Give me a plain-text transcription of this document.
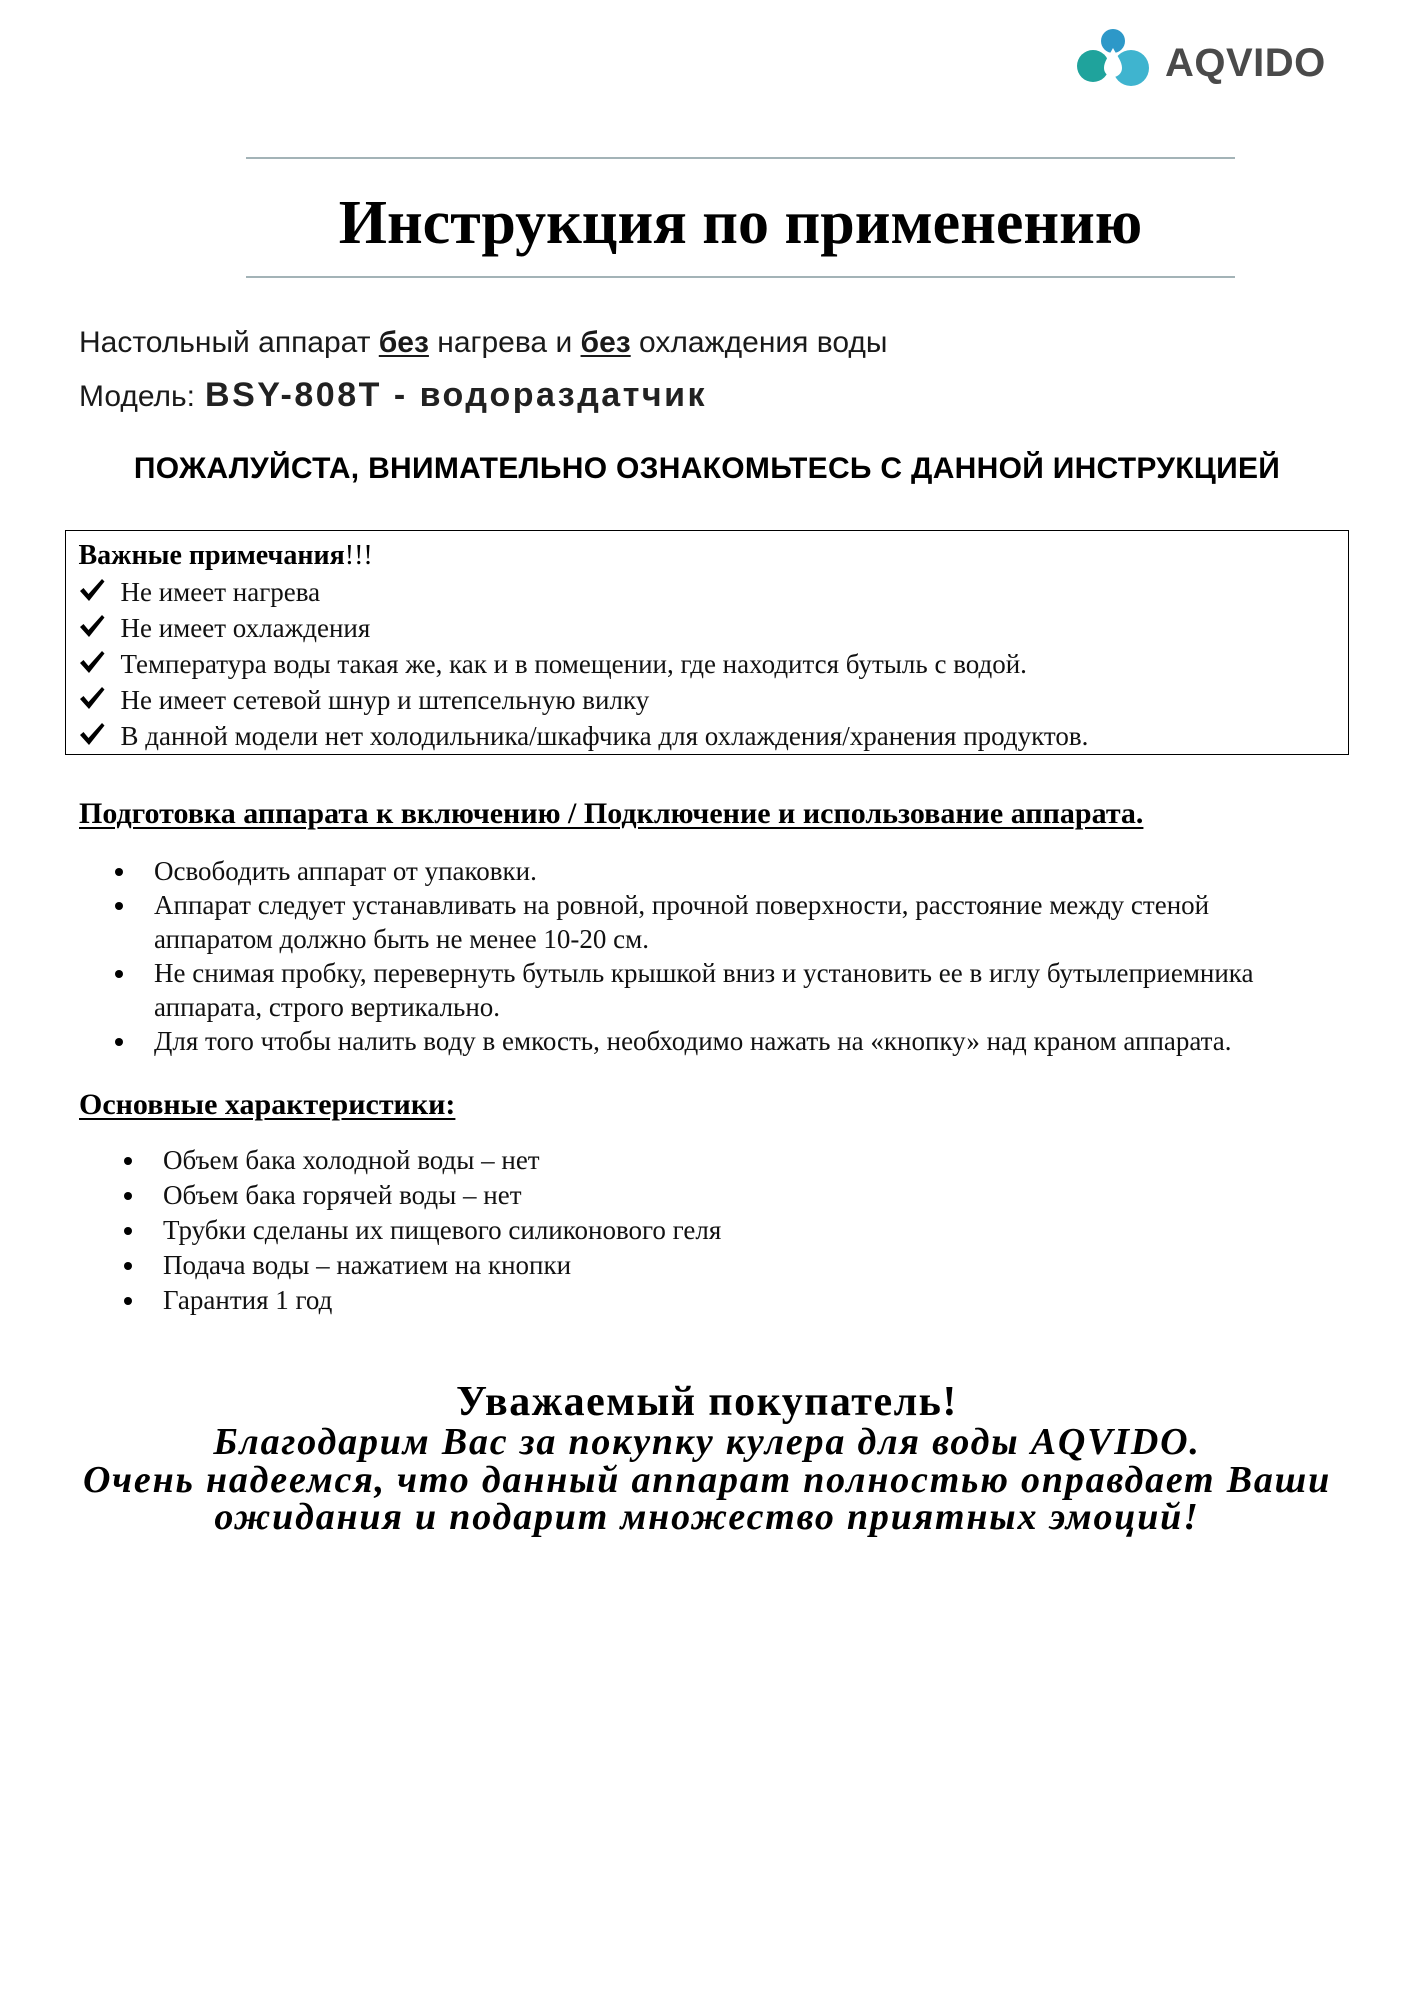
AQVIDO
Инструкция по применению
Настольный аппарат без нагрева и без охлаждения воды
Модель: BSY-808T - водораздатчик
ПОЖАЛУЙСТА, ВНИМАТЕЛЬНО ОЗНАКОМЬТЕСЬ С ДАННОЙ ИНСТРУКЦИЕЙ
Важные примечания!!!
Не имеет нагрева
Не имеет охлаждения
Температура воды такая же, как и в помещении, где находится бутыль с водой.
Не имеет сетевой шнур и штепсельную вилку
В данной модели нет холодильника/шкафчика для охлаждения/хранения продуктов.
Подготовка аппарата к включению / Подключение и использование аппарата.
Освободить аппарат от упаковки.
Аппарат следует устанавливать на ровной, прочной поверхности, расстояние между стеной
аппаратом должно быть не менее 10-20 см.
Не снимая пробку, перевернуть бутыль крышкой вниз и установить ее в иглу бутылеприемника
аппарата, строго вертикально.
Для того чтобы налить воду в емкость, необходимо нажать на «кнопку» над краном аппарата.
Основные характеристики:
Объем бака холодной воды – нет
Объем бака горячей воды – нет
Трубки сделаны их пищевого силиконового геля
Подача воды – нажатием на кнопки
Гарантия 1 год
Уважаемый покупатель!
Благодарим Вас за покупку кулера для воды AQVIDO.
Очень надеемся, что данный аппарат полностью оправдает Ваши
ожидания и подарит множество приятных эмоций!
